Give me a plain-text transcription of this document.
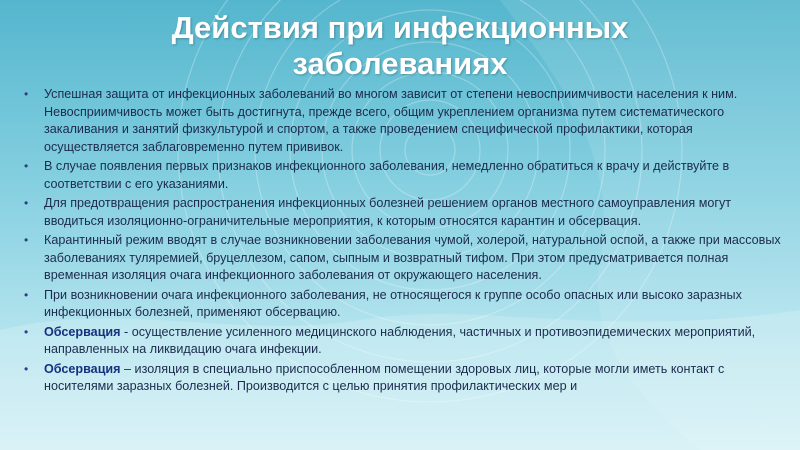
Действия при инфекционных заболеваниях
• Успешная защита от инфекционных заболеваний во многом зависит от степени невосприимчивости населения к ним. Невосприимчивость может быть достигнута, прежде всего, общим укреплением организма путем систематического закаливания и занятий физкультурой и спортом, а также проведением специфической профилактики, которая осуществляется заблаговременно путем прививок.
• В случае появления первых признаков инфекционного заболевания, немедленно обратиться к врачу и действуйте в соответствии с его указаниями.
• Для предотвращения распространения инфекционных болезней решением органов местного самоуправления могут вводиться изоляционно-ограничительные мероприятия, к которым относятся карантин и обсервация.
• Карантинный режим вводят в случае возникновении заболевания чумой, холерой, натуральной оспой, а также при массовых заболеваниях туляремией, бруцеллезом, сапом, сыпным и возвратный тифом. При этом предусматривается полная временная изоляция очага инфекционного заболевания от окружающего населения.
• При возникновении очага инфекционного заболевания, не относящегося к группе особо опасных или высоко заразных инфекционных болезней, применяют обсервацию.
• Обсервация - осуществление усиленного медицинского наблюдения, частичных и противоэпидемических мероприятий, направленных на ликвидацию очага инфекции.
• Обсервация – изоляция в специально приспособленном помещении здоровых лиц, которые могли иметь контакт с носителями заразных болезней. Производится с целью принятия профилактических мер и
